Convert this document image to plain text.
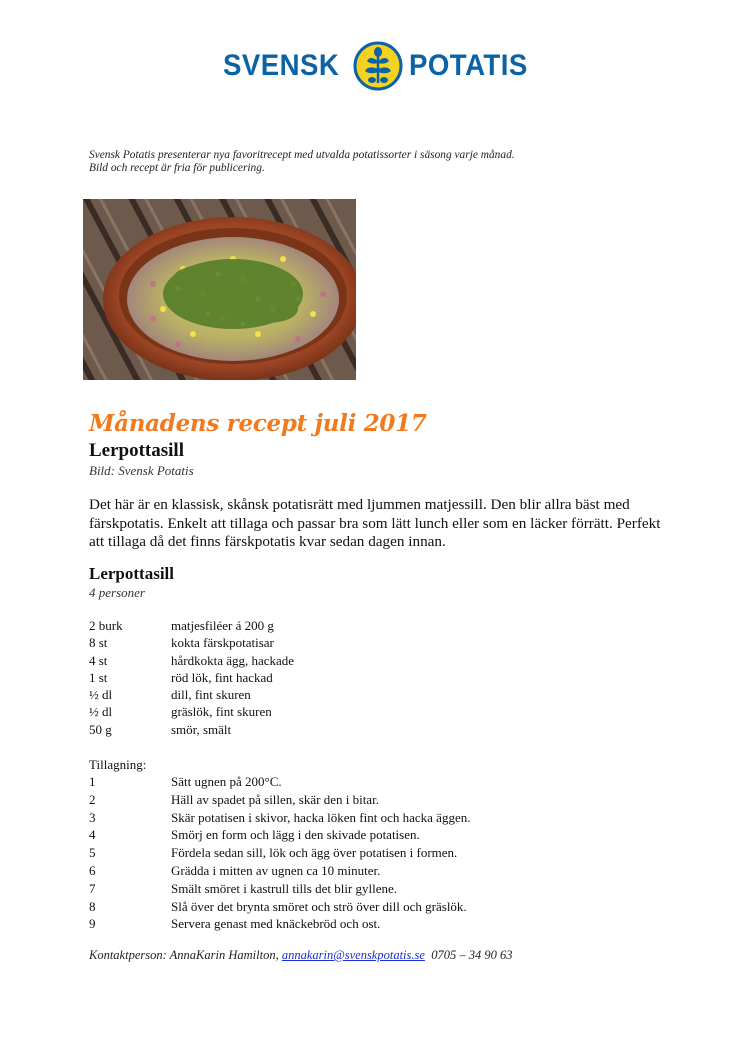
SVENSK POTATIS
Svensk Potatis presenterar nya favoritrecept med utvalda potatissorter i säsong varje månad.
Bild och recept är fria för publicering.
Månadens recept juli 2017
Lerpottasill
Bild: Svensk Potatis
Det här är en klassisk, skånsk potatisrätt med ljummen matjessill. Den blir allra bäst med färskpotatis. Enkelt att tillaga och passar bra som lätt lunch eller som en läcker förrätt. Perfekt att tillaga då det finns färskpotatis kvar sedan dagen innan.
Lerpottasill
4 personer
2 burk	matjesfiléer á 200 g
8 st	kokta färskpotatisar
4 st	hårdkokta ägg, hackade
1 st	röd lök, fint hackad
½ dl	dill, fint skuren
½ dl	gräslök, fint skuren
50 g	smör, smält
Tillagning:
1	Sätt ugnen på 200°C.
2	Häll av spadet på sillen, skär den i bitar.
3	Skär potatisen i skivor, hacka löken fint och hacka äggen.
4	Smörj en form och lägg i den skivade potatisen.
5	Fördela sedan sill, lök och ägg över potatisen i formen.
6	Grädda i mitten av ugnen ca 10 minuter.
7	Smält smöret i kastrull tills det blir gyllene.
8	Slå över det brynta smöret och strö över dill och gräslök.
9	Servera genast med knäckebröd och ost.
Kontaktperson: AnnaKarin Hamilton, annakarin@svenskpotatis.se 0705 – 34 90 63
